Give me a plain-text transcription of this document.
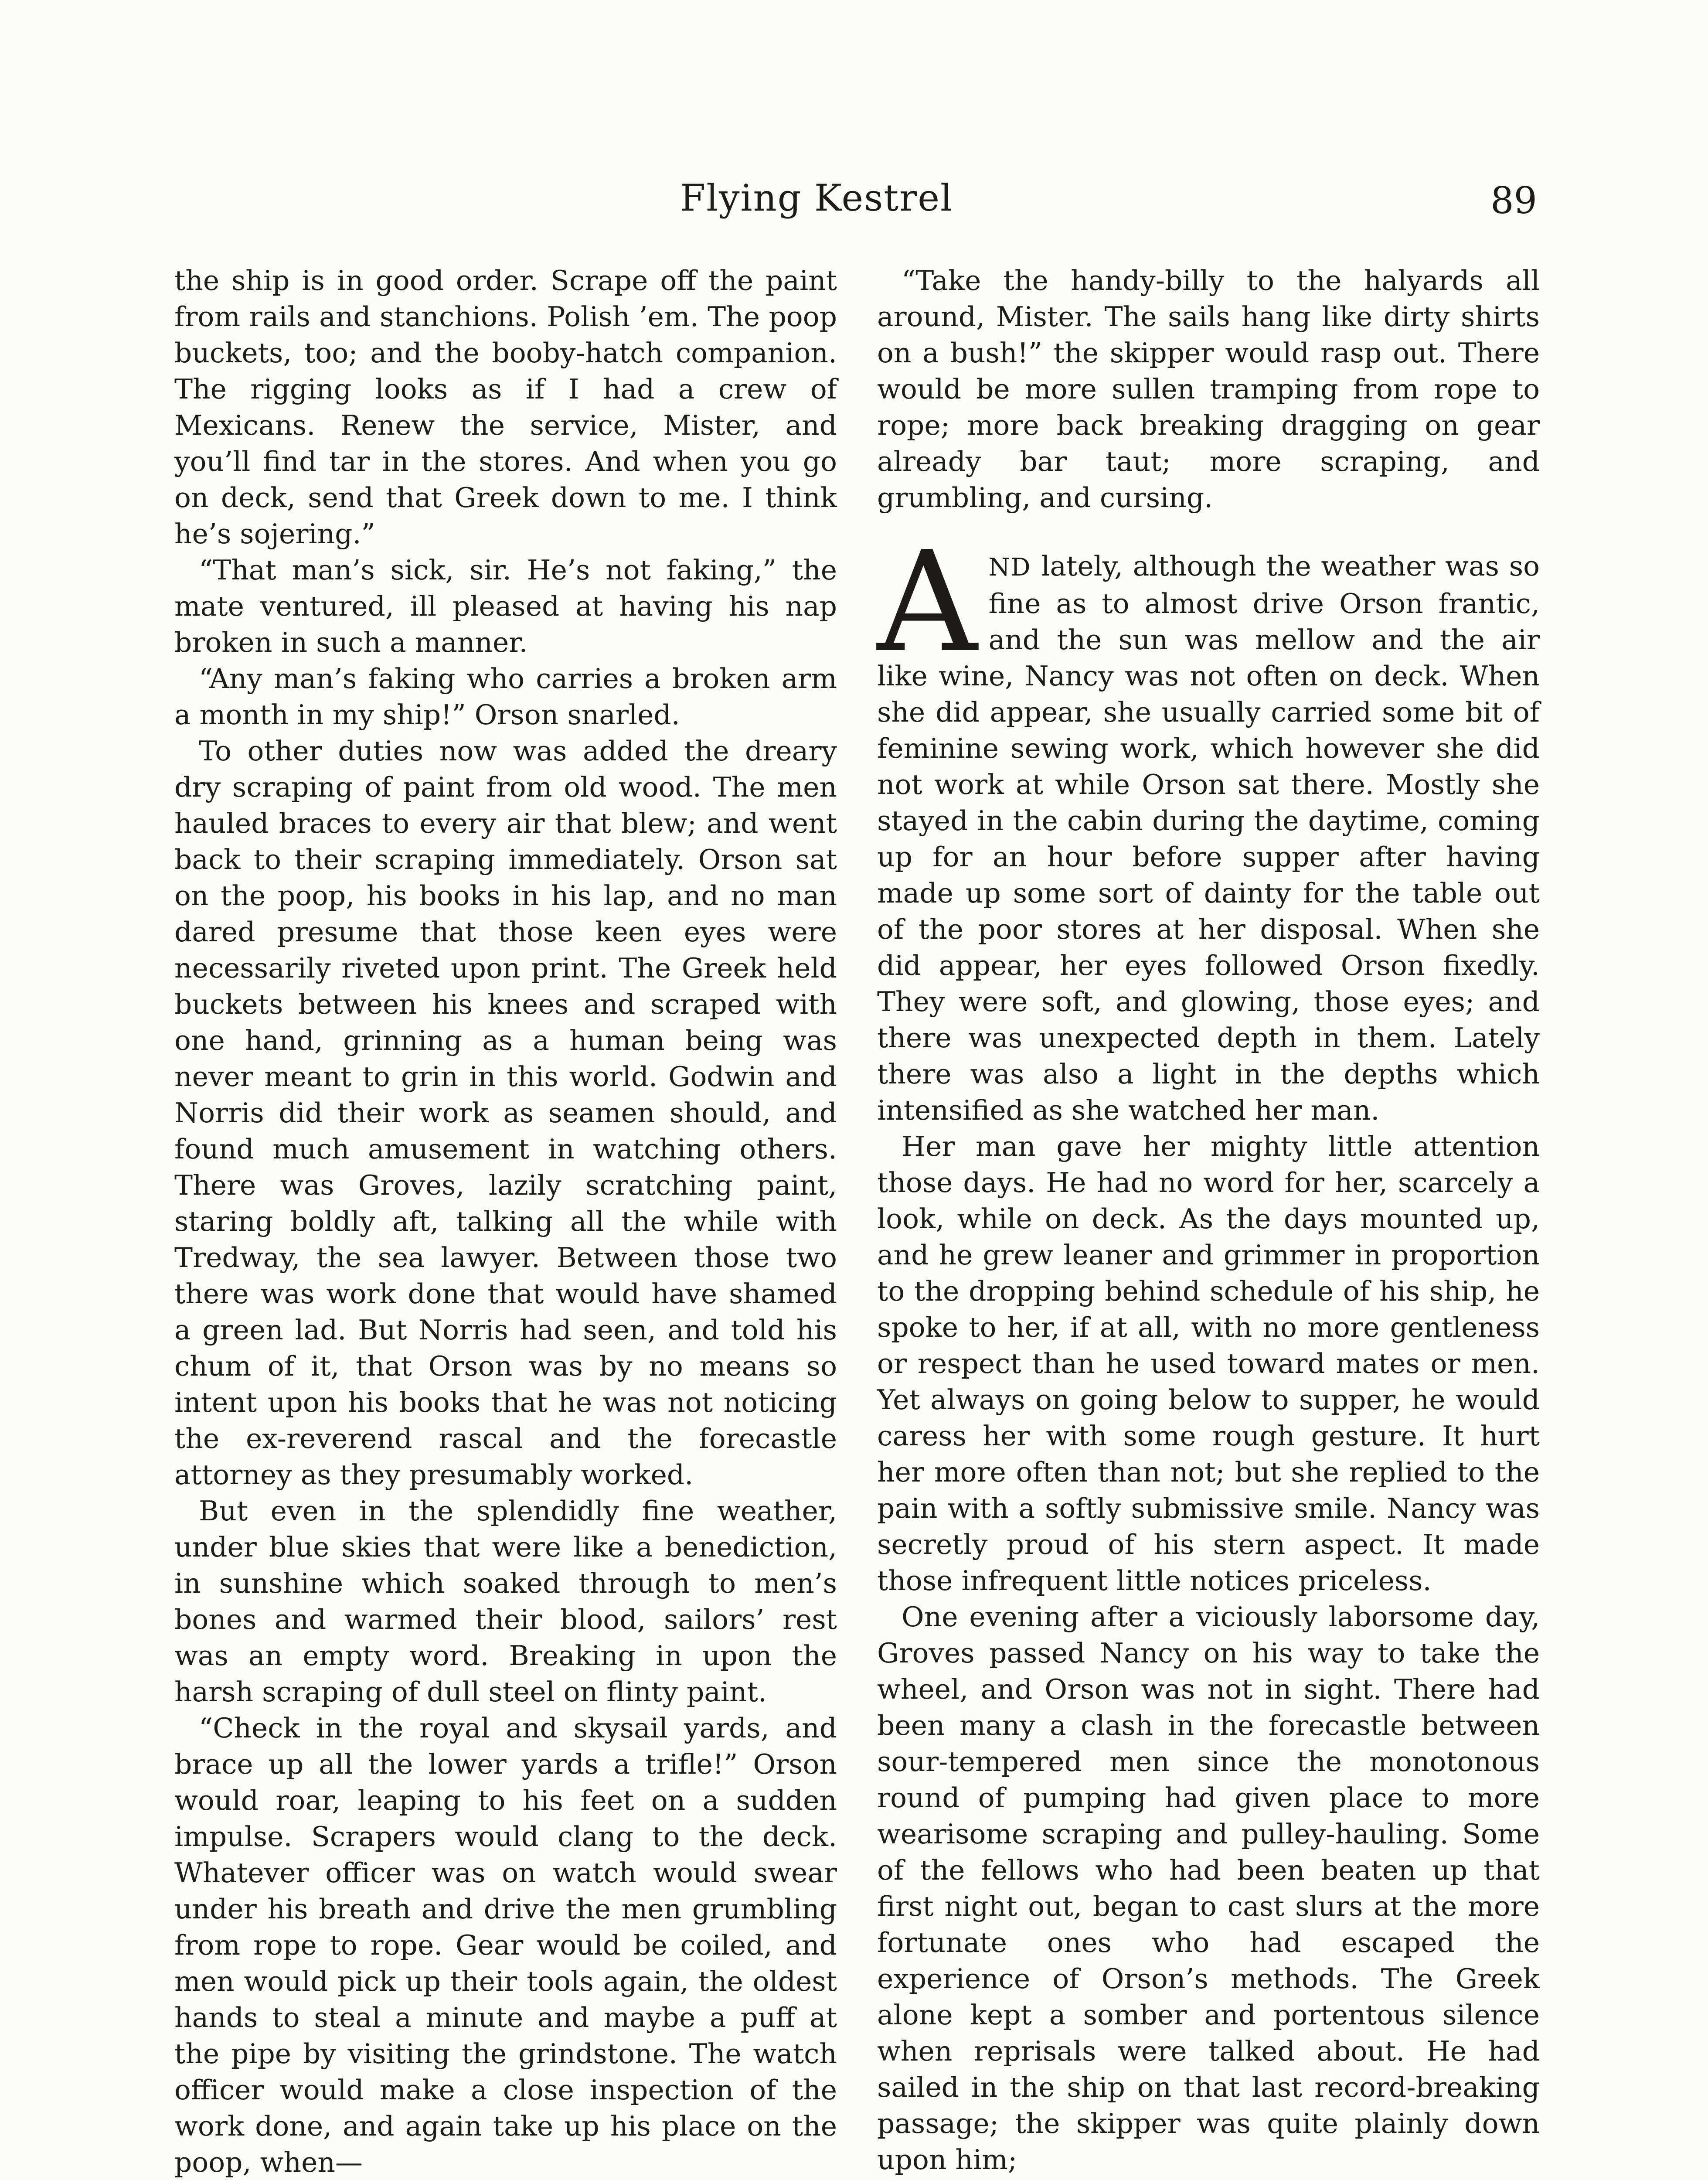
Flying Kestrel	89

the ship is in good order. Scrape off the paint from rails and stanchions. Polish ’em. The poop buckets, too; and the booby-hatch companion. The rigging looks as if I had a crew of Mexicans. Renew the service, Mister, and you’ll find tar in the stores. And when you go on deck, send that Greek down to me. I think he’s sojering.”

“That man’s sick, sir. He’s not faking,” the mate ventured, ill pleased at having his nap broken in such a manner.

“Any man’s faking who carries a broken arm a month in my ship!” Orson snarled.

To other duties now was added the dreary dry scraping of paint from old wood. The men hauled braces to every air that blew; and went back to their scraping immediately. Orson sat on the poop, his books in his lap, and no man dared presume that those keen eyes were necessarily riveted upon print. The Greek held buckets between his knees and scraped with one hand, grinning as a human being was never meant to grin in this world. Godwin and Norris did their work as seamen should, and found much amusement in watching others. There was Groves, lazily scratching paint, staring boldly aft, talking all the while with Tredway, the sea lawyer. Between those two there was work done that would have shamed a green lad. But Norris had seen, and told his chum of it, that Orson was by no means so intent upon his books that he was not noticing the ex-reverend rascal and the forecastle attorney as they presumably worked.

But even in the splendidly fine weather, under blue skies that were like a benediction, in sunshine which soaked through to men’s bones and warmed their blood, sailors’ rest was an empty word. Breaking in upon the harsh scraping of dull steel on flinty paint.

“Check in the royal and skysail yards, and brace up all the lower yards a trifle!” Orson would roar, leaping to his feet on a sudden impulse. Scrapers would clang to the deck. Whatever officer was on watch would swear under his breath and drive the men grumbling from rope to rope. Gear would be coiled, and men would pick up their tools again, the oldest hands to steal a minute and maybe a puff at the pipe by visiting the grindstone. The watch officer would make a close inspection of the work done, and again take up his place on the poop, when—

“Take the handy-billy to the halyards all around, Mister. The sails hang like dirty shirts on a bush!” the skipper would rasp out. There would be more sullen tramping from rope to rope; more back breaking dragging on gear already bar taut; more scraping, and grumbling, and cursing.

AND lately, although the weather was so fine as to almost drive Orson frantic, and the sun was mellow and the air like wine, Nancy was not often on deck. When she did appear, she usually carried some bit of feminine sewing work, which however she did not work at while Orson sat there. Mostly she stayed in the cabin during the daytime, coming up for an hour before supper after having made up some sort of dainty for the table out of the poor stores at her disposal. When she did appear, her eyes followed Orson fixedly. They were soft, and glowing, those eyes; and there was unexpected depth in them. Lately there was also a light in the depths which intensified as she watched her man.

Her man gave her mighty little attention those days. He had no word for her, scarcely a look, while on deck. As the days mounted up, and he grew leaner and grimmer in proportion to the dropping behind schedule of his ship, he spoke to her, if at all, with no more gentleness or respect than he used toward mates or men. Yet always on going below to supper, he would caress her with some rough gesture. It hurt her more often than not; but she replied to the pain with a softly submissive smile. Nancy was secretly proud of his stern aspect. It made those infrequent little notices priceless.

One evening after a viciously laborsome day, Groves passed Nancy on his way to take the wheel, and Orson was not in sight. There had been many a clash in the forecastle between sour-tempered men since the monotonous round of pumping had given place to more wearisome scraping and pulley-hauling. Some of the fellows who had been beaten up that first night out, began to cast slurs at the more fortunate ones who had escaped the experience of Orson’s methods. The Greek alone kept a somber and portentous silence when reprisals were talked about. He had sailed in the ship on that last record-breaking passage; the skipper was quite plainly down upon him;
